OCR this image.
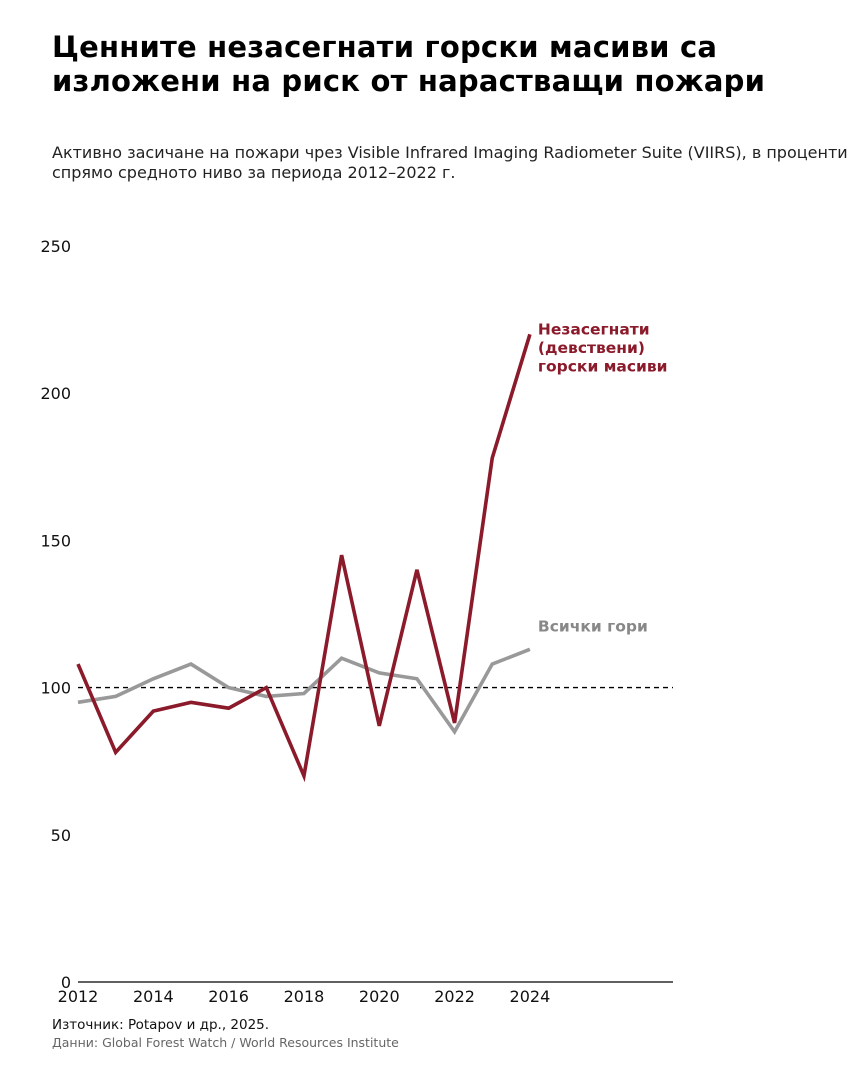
Ценните незасегнати горски масиви са изложени на риск от нарастващи пожари
Активно засичане на пожари чрез Visible Infrared Imaging Radiometer Suite (VIIRS), в проценти спрямо средното ниво за периода 2012–2022 г.
0
50
100
150
200
250
2012 2014 2016 2018 2020 2022 2024
Незасегнати (девствени) горски масиви
Всички гори
Източник: Potapov и др., 2025.
Данни: Global Forest Watch / World Resources Institute
